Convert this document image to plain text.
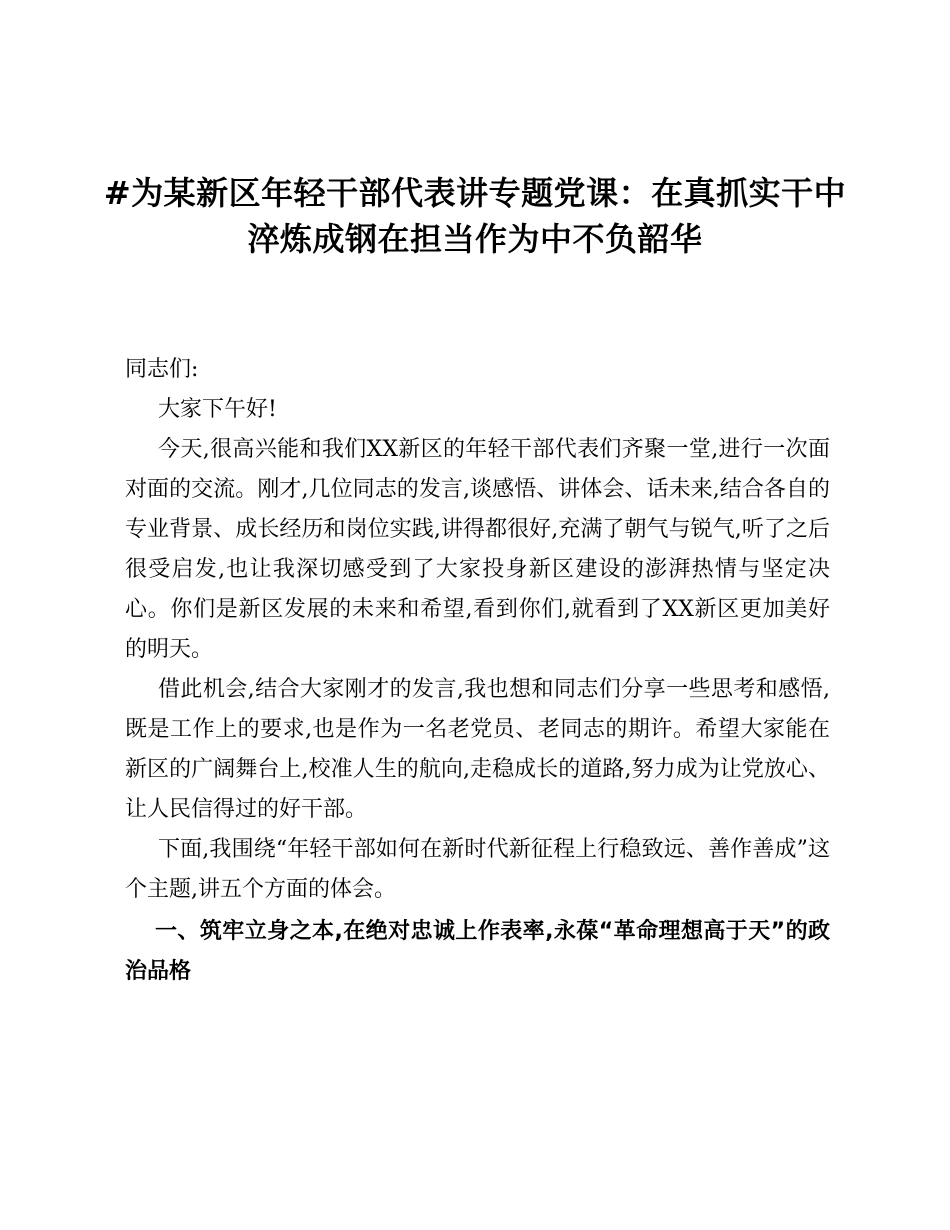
#为某新区年轻干部代表讲专题党课：在真抓实干中淬炼成钢在担当作为中不负韶华

同志们:

大家下午好!

今天,很高兴能和我们XX新区的年轻干部代表们齐聚一堂,进行一次面对面的交流。刚才,几位同志的发言,谈感悟、讲体会、话未来,结合各自的专业背景、成长经历和岗位实践,讲得都很好,充满了朝气与锐气,听了之后很受启发,也让我深切感受到了大家投身新区建设的澎湃热情与坚定决心。你们是新区发展的未来和希望,看到你们,就看到了XX新区更加美好的明天。

借此机会,结合大家刚才的发言,我也想和同志们分享一些思考和感悟,既是工作上的要求,也是作为一名老党员、老同志的期许。希望大家能在新区的广阔舞台上,校准人生的航向,走稳成长的道路,努力成为让党放心、让人民信得过的好干部。

下面,我围绕“年轻干部如何在新时代新征程上行稳致远、善作善成”这个主题,讲五个方面的体会。

一、筑牢立身之本,在绝对忠诚上作表率,永葆“革命理想高于天”的政治品格
